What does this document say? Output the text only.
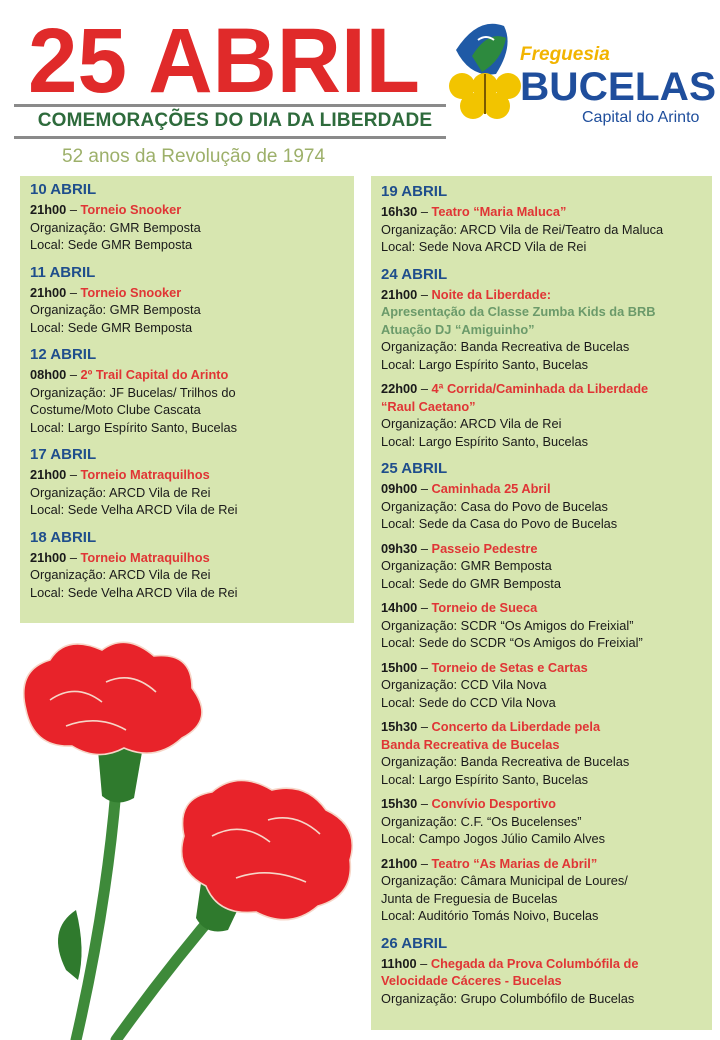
25 ABRIL
COMEMORAÇÕES DO DIA DA LIBERDADE
52 anos da Revolução de 1974
Freguesia
BUCELAS
Capital do Arinto
10 ABRIL
21h00 – Torneio Snooker
Organização: GMR Bemposta
Local: Sede GMR Bemposta
11 ABRIL
21h00 – Torneio Snooker
Organização: GMR Bemposta
Local: Sede GMR Bemposta
12 ABRIL
08h00 – 2º Trail Capital do Arinto
Organização: JF Bucelas/ Trilhos do
Costume/Moto Clube Cascata
Local: Largo Espírito Santo, Bucelas
17 ABRIL
21h00 – Torneio Matraquilhos
Organização: ARCD Vila de Rei
Local: Sede Velha ARCD Vila de Rei
18 ABRIL
21h00 – Torneio Matraquilhos
Organização: ARCD Vila de Rei
Local: Sede Velha ARCD Vila de Rei
19 ABRIL
16h30 – Teatro “Maria Maluca”
Organização: ARCD Vila de Rei/Teatro da Maluca
Local: Sede Nova ARCD Vila de Rei
24 ABRIL
21h00 – Noite da Liberdade:
Apresentação da Classe Zumba Kids da BRB
Atuação DJ “Amiguinho”
Organização: Banda Recreativa de Bucelas
Local: Largo Espírito Santo, Bucelas
22h00 – 4ª Corrida/Caminhada da Liberdade
“Raul Caetano”
Organização: ARCD Vila de Rei
Local: Largo Espírito Santo, Bucelas
25 ABRIL
09h00 – Caminhada 25 Abril
Organização: Casa do Povo de Bucelas
Local: Sede da Casa do Povo de Bucelas
09h30 – Passeio Pedestre
Organização: GMR Bemposta
Local: Sede do GMR Bemposta
14h00 – Torneio de Sueca
Organização: SCDR “Os Amigos do Freixial”
Local: Sede do SCDR “Os Amigos do Freixial”
15h00 – Torneio de Setas e Cartas
Organização: CCD Vila Nova
Local: Sede do CCD Vila Nova
15h30 – Concerto da Liberdade pela
Banda Recreativa de Bucelas
Organização: Banda Recreativa de Bucelas
Local: Largo Espírito Santo, Bucelas
15h30 – Convívio Desportivo
Organização: C.F. “Os Bucelenses”
Local: Campo Jogos Júlio Camilo Alves
21h00 – Teatro “As Marias de Abril”
Organização: Câmara Municipal de Loures/
Junta de Freguesia de Bucelas
Local: Auditório Tomás Noivo, Bucelas
26 ABRIL
11h00 – Chegada da Prova Columbófila de
Velocidade Cáceres - Bucelas
Organização: Grupo Columbófilo de Bucelas
